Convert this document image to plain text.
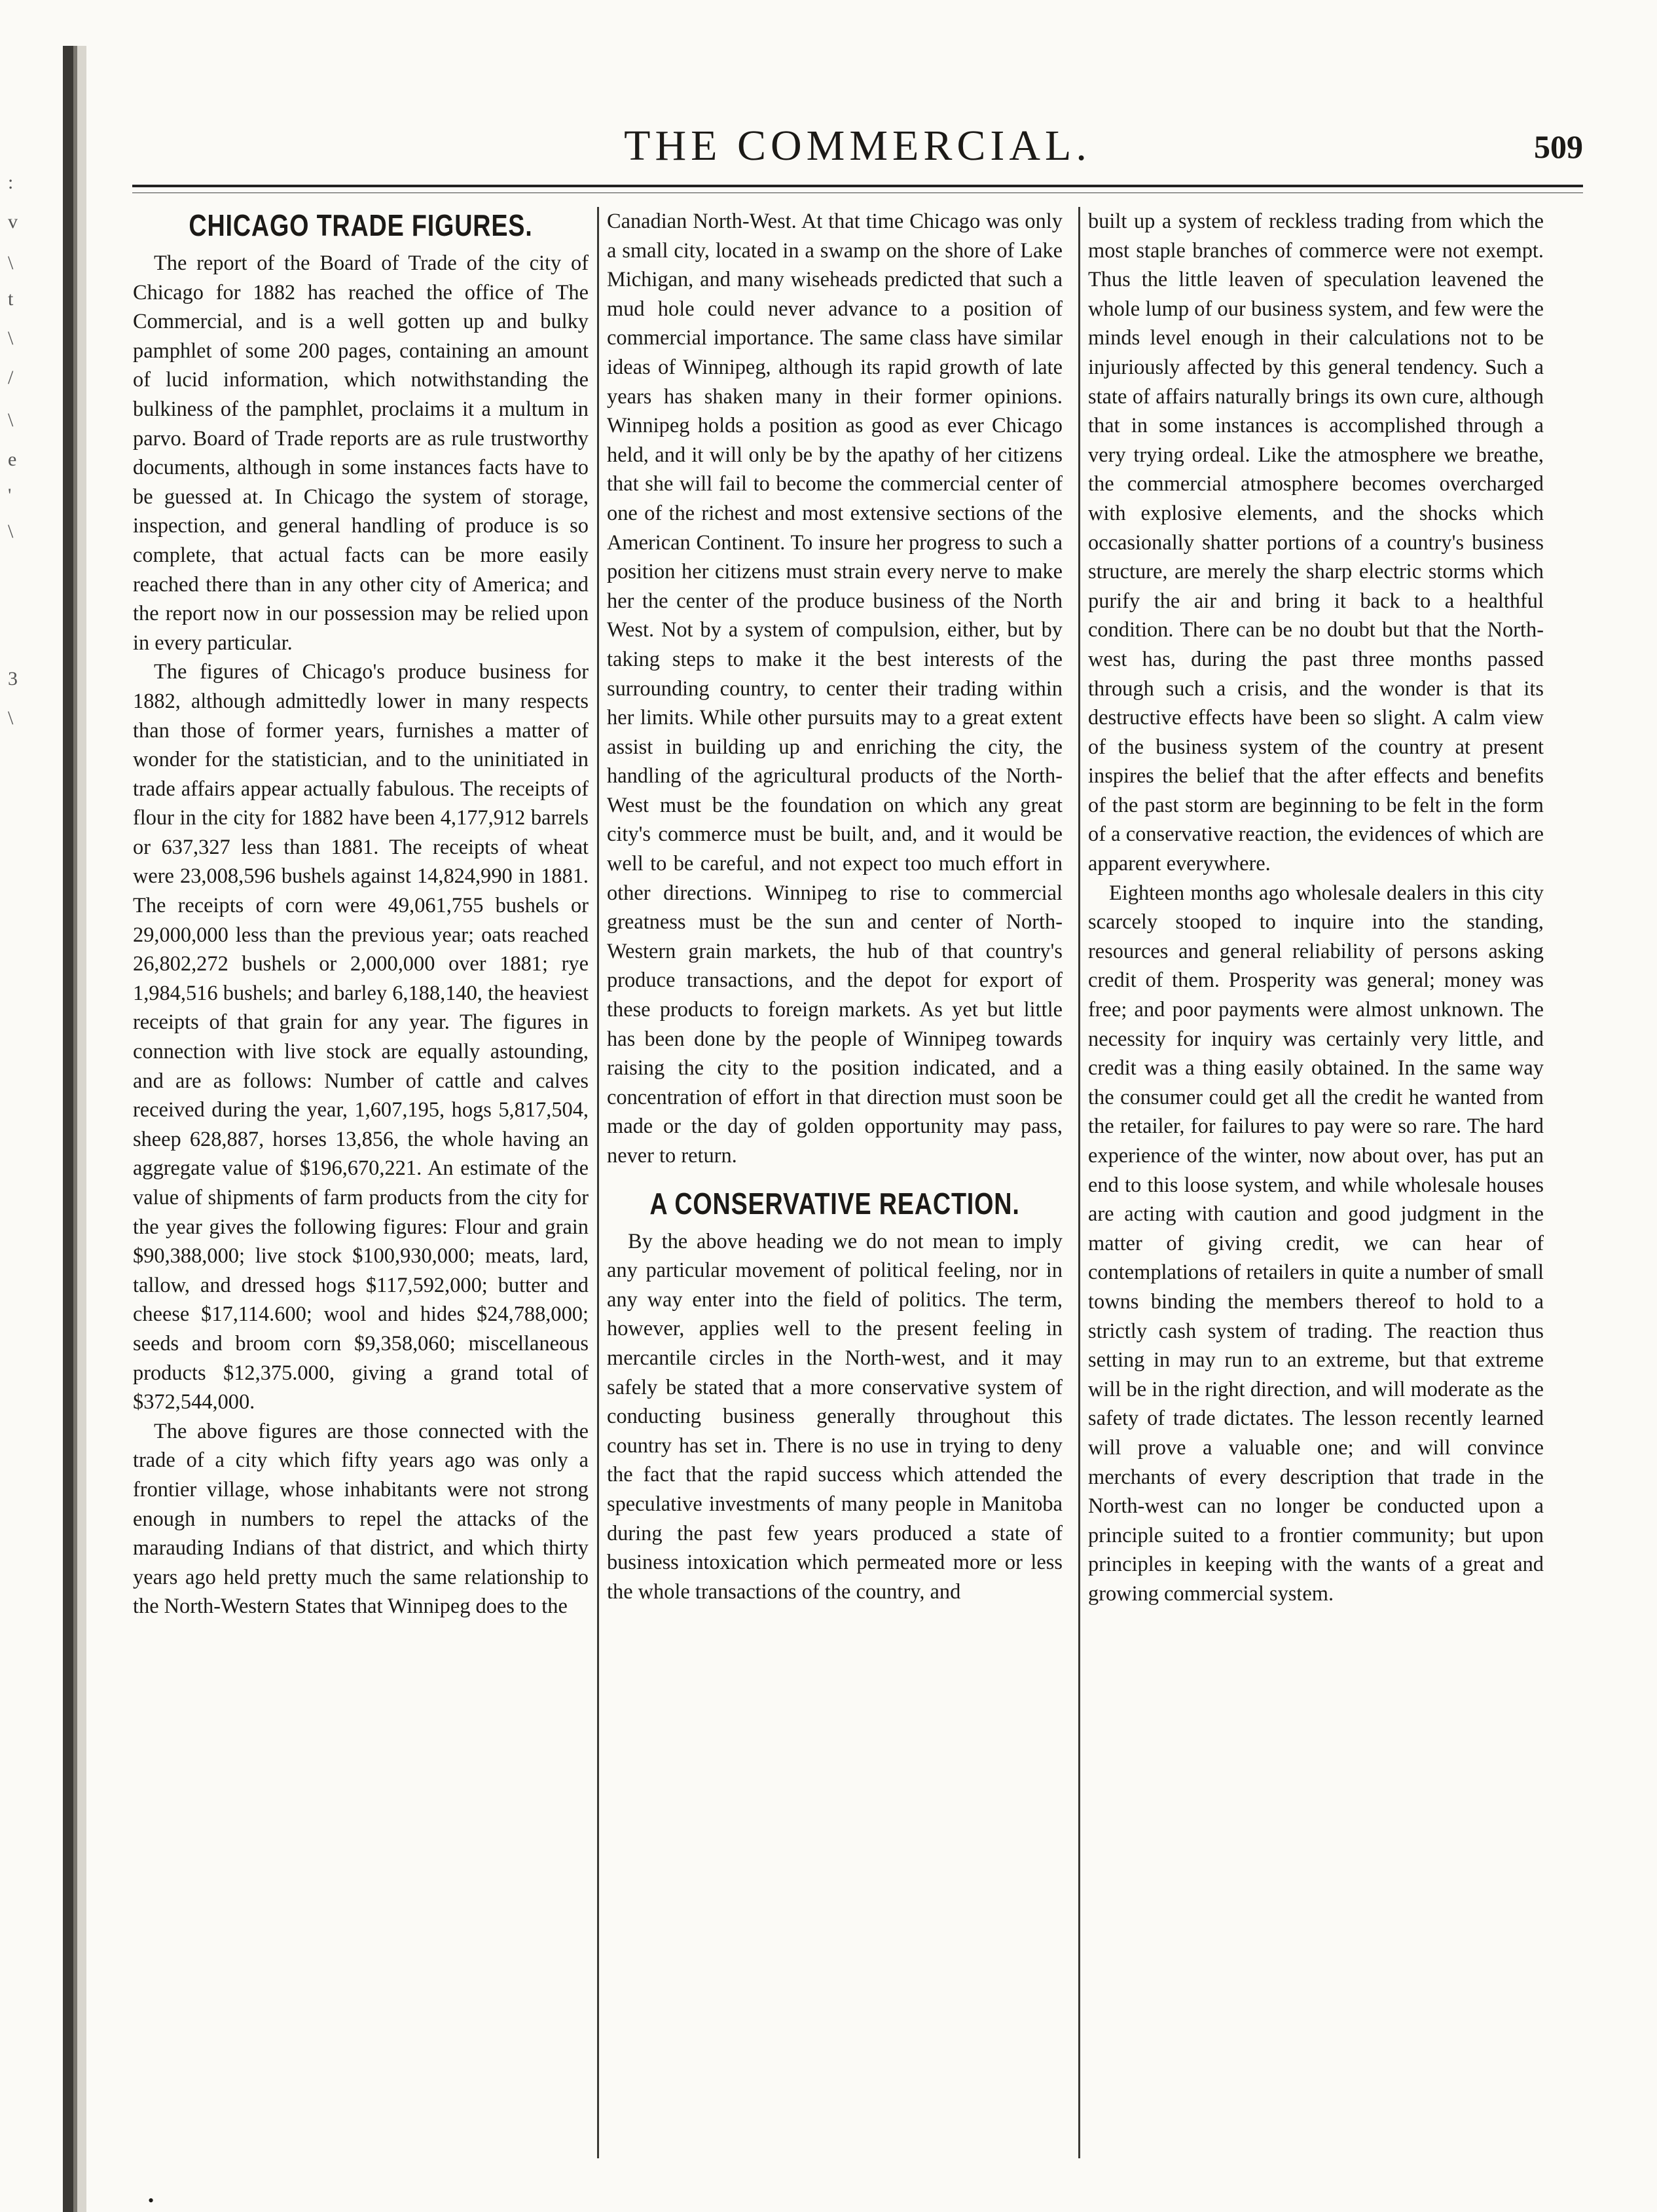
:
v
\
t
\
/
\
e
'
\
3
\
THE COMMERCIAL.	509
CHICAGO TRADE FIGURES.

The report of the Board of Trade of the city of Chicago for 1882 has reached the office of The Commercial, and is a well gotten up and bulky pamphlet of some 200 pages, containing an amount of lucid information, which notwithstanding the bulkiness of the pamphlet, proclaims it a multum in parvo. Board of Trade reports are as rule trustworthy documents, although in some instances facts have to be guessed at. In Chicago the system of storage, inspection, and general handling of produce is so complete, that actual facts can be more easily reached there than in any other city of America; and the report now in our possession may be relied upon in every particular.

The figures of Chicago's produce business for 1882, although admittedly lower in many respects than those of former years, furnishes a matter of wonder for the statistician, and to the uninitiated in trade affairs appear actually fabulous. The receipts of flour in the city for 1882 have been 4,177,912 barrels or 637,327 less than 1881. The receipts of wheat were 23,008,596 bushels against 14,824,990 in 1881. The receipts of corn were 49,061,755 bushels or 29,000,000 less than the previous year; oats reached 26,802,272 bushels or 2,000,000 over 1881; rye 1,984,516 bushels; and barley 6,188,140, the heaviest receipts of that grain for any year. The figures in connection with live stock are equally astounding, and are as follows: Number of cattle and calves received during the year, 1,607,195, hogs 5,817,504, sheep 628,887, horses 13,856, the whole having an aggregate value of $196,670,221. An estimate of the value of shipments of farm products from the city for the year gives the following figures: Flour and grain $90,388,000; live stock $100,930,000; meats, lard, tallow, and dressed hogs $117,592,000; butter and cheese $17,114.600; wool and hides $24,788,000; seeds and broom corn $9,358,060; miscellaneous products $12,375.000, giving a grand total of $372,544,000.

The above figures are those connected with the trade of a city which fifty years ago was only a frontier village, whose inhabitants were not strong enough in numbers to repel the attacks of the marauding Indians of that district, and which thirty years ago held pretty much the same relationship to the North-Western States that Winnipeg does to the

Canadian North-West. At that time Chicago was only a small city, located in a swamp on the shore of Lake Michigan, and many wiseheads predicted that such a mud hole could never advance to a position of commercial importance. The same class have similar ideas of Winnipeg, although its rapid growth of late years has shaken many in their former opinions. Winnipeg holds a position as good as ever Chicago held, and it will only be by the apathy of her citizens that she will fail to become the commercial center of one of the richest and most extensive sections of the American Continent. To insure her progress to such a position her citizens must strain every nerve to make her the center of the produce business of the North West. Not by a system of compulsion, either, but by taking steps to make it the best interests of the surrounding country, to center their trading within her limits. While other pursuits may to a great extent assist in building up and enriching the city, the handling of the agricultural products of the North-West must be the foundation on which any great city's commerce must be built, and, and it would be well to be careful, and not expect too much effort in other directions. Winnipeg to rise to commercial greatness must be the sun and center of North-Western grain markets, the hub of that country's produce transactions, and the depot for export of these products to foreign markets. As yet but little has been done by the people of Winnipeg towards raising the city to the position indicated, and a concentration of effort in that direction must soon be made or the day of golden opportunity may pass, never to return.

A CONSERVATIVE REACTION.

By the above heading we do not mean to imply any particular movement of political feeling, nor in any way enter into the field of politics. The term, however, applies well to the present feeling in mercantile circles in the North-west, and it may safely be stated that a more conservative system of conducting business generally throughout this country has set in. There is no use in trying to deny the fact that the rapid success which attended the speculative investments of many people in Manitoba during the past few years produced a state of business intoxication which permeated more or less the whole transactions of the country, and

built up a system of reckless trading from which the most staple branches of commerce were not exempt. Thus the little leaven of speculation leavened the whole lump of our business system, and few were the minds level enough in their calculations not to be injuriously affected by this general tendency. Such a state of affairs naturally brings its own cure, although that in some instances is accomplished through a very trying ordeal. Like the atmosphere we breathe, the commercial atmosphere becomes overcharged with explosive elements, and the shocks which occasionally shatter portions of a country's business structure, are merely the sharp electric storms which purify the air and bring it back to a healthful condition. There can be no doubt but that the North-west has, during the past three months passed through such a crisis, and the wonder is that its destructive effects have been so slight. A calm view of the business system of the country at present inspires the belief that the after effects and benefits of the past storm are beginning to be felt in the form of a conservative reaction, the evidences of which are apparent everywhere.

Eighteen months ago wholesale dealers in this city scarcely stooped to inquire into the standing, resources and general reliability of persons asking credit of them. Prosperity was general; money was free; and poor payments were almost unknown. The necessity for inquiry was certainly very little, and credit was a thing easily obtained. In the same way the consumer could get all the credit he wanted from the retailer, for failures to pay were so rare. The hard experience of the winter, now about over, has put an end to this loose system, and while wholesale houses are acting with caution and good judgment in the matter of giving credit, we can hear of contemplations of retailers in quite a number of small towns binding the members thereof to hold to a strictly cash system of trading. The reaction thus setting in may run to an extreme, but that extreme will be in the right direction, and will moderate as the safety of trade dictates. The lesson recently learned will prove a valuable one; and will convince merchants of every description that trade in the North-west can no longer be conducted upon a principle suited to a frontier community; but upon principles in keeping with the wants of a great and growing commercial system.

•
